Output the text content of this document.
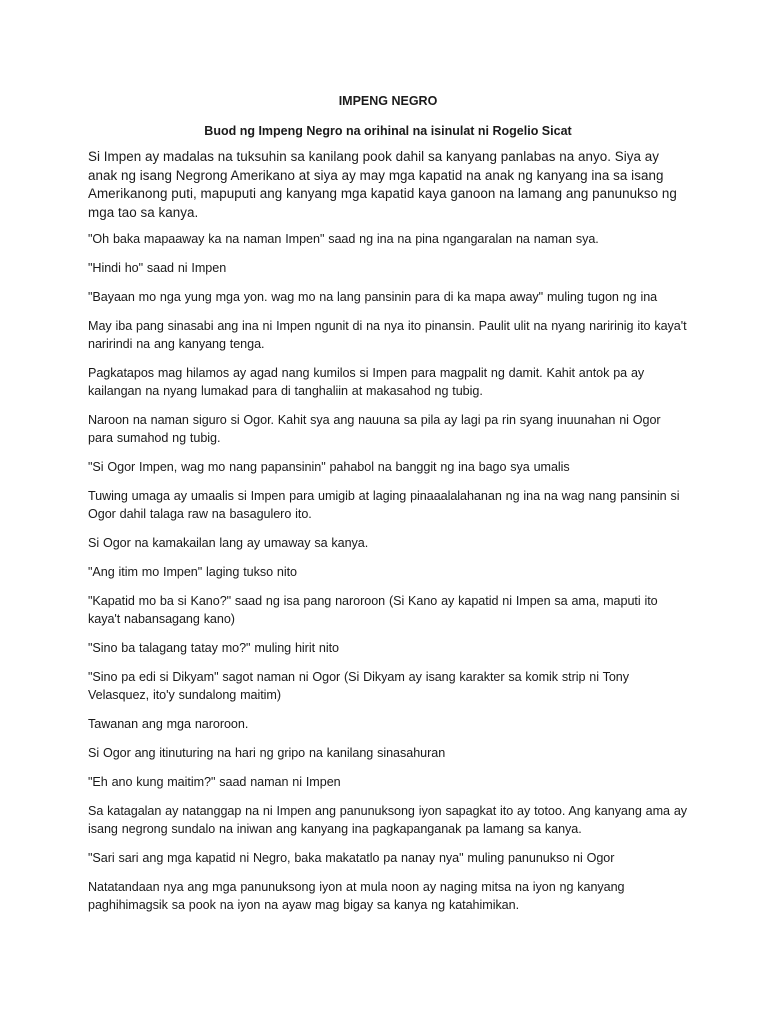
IMPENG NEGRO
Buod ng Impeng Negro na orihinal na isinulat ni Rogelio Sicat

Si Impen ay madalas na tuksuhin sa kanilang pook dahil sa kanyang panlabas na anyo. Siya ay anak ng isang Negrong Amerikano at siya ay may mga kapatid na anak ng kanyang ina sa isang Amerikanong puti, mapuputi ang kanyang mga kapatid kaya ganoon na lamang ang panunukso ng mga tao sa kanya.

"Oh baka mapaaway ka na naman Impen" saad ng ina na pina ngangaralan na naman sya.

"Hindi ho" saad ni Impen

"Bayaan mo nga yung mga yon. wag mo na lang pansinin para di ka mapa away" muling tugon ng ina

May iba pang sinasabi ang ina ni Impen ngunit di na nya ito pinansin. Paulit ulit na nyang naririnig ito kaya't naririndi na ang kanyang tenga.

Pagkatapos mag hilamos ay agad nang kumilos si Impen para magpalit ng damit. Kahit antok pa ay kailangan na nyang lumakad para di tanghaliin at makasahod ng tubig.

Naroon na naman siguro si Ogor. Kahit sya ang nauuna sa pila ay lagi pa rin syang inuunahan ni Ogor para sumahod ng tubig.

"Si Ogor Impen, wag mo nang papansinin" pahabol na banggit ng ina bago sya umalis

Tuwing umaga ay umaalis si Impen para umigib at laging pinaaalalahanan ng ina na wag nang pansinin si Ogor dahil talaga raw na basagulero ito.

Si Ogor na kamakailan lang ay umaway sa kanya.

"Ang itim mo Impen" laging tukso nito

"Kapatid mo ba si Kano?" saad ng isa pang naroroon (Si Kano ay kapatid ni Impen sa ama, maputi ito kaya't nabansagang kano)

"Sino ba talagang tatay mo?" muling hirit nito

"Sino pa edi si Dikyam" sagot naman ni Ogor (Si Dikyam ay isang karakter sa komik strip ni Tony Velasquez, ito'y sundalong maitim)

Tawanan ang mga naroroon.

Si Ogor ang itinuturing na hari ng gripo na kanilang sinasahuran

"Eh ano kung maitim?" saad naman ni Impen

Sa katagalan ay natanggap na ni Impen ang panunuksong iyon sapagkat ito ay totoo. Ang kanyang ama ay isang negrong sundalo na iniwan ang kanyang ina pagkapanganak pa lamang sa kanya.

"Sari sari ang mga kapatid ni Negro, baka makatatlo pa nanay nya" muling panunukso ni Ogor

Natatandaan nya ang mga panunuksong iyon at mula noon ay naging mitsa na iyon ng kanyang paghihimagsik sa pook na iyon na ayaw mag bigay sa kanya ng katahimikan.
